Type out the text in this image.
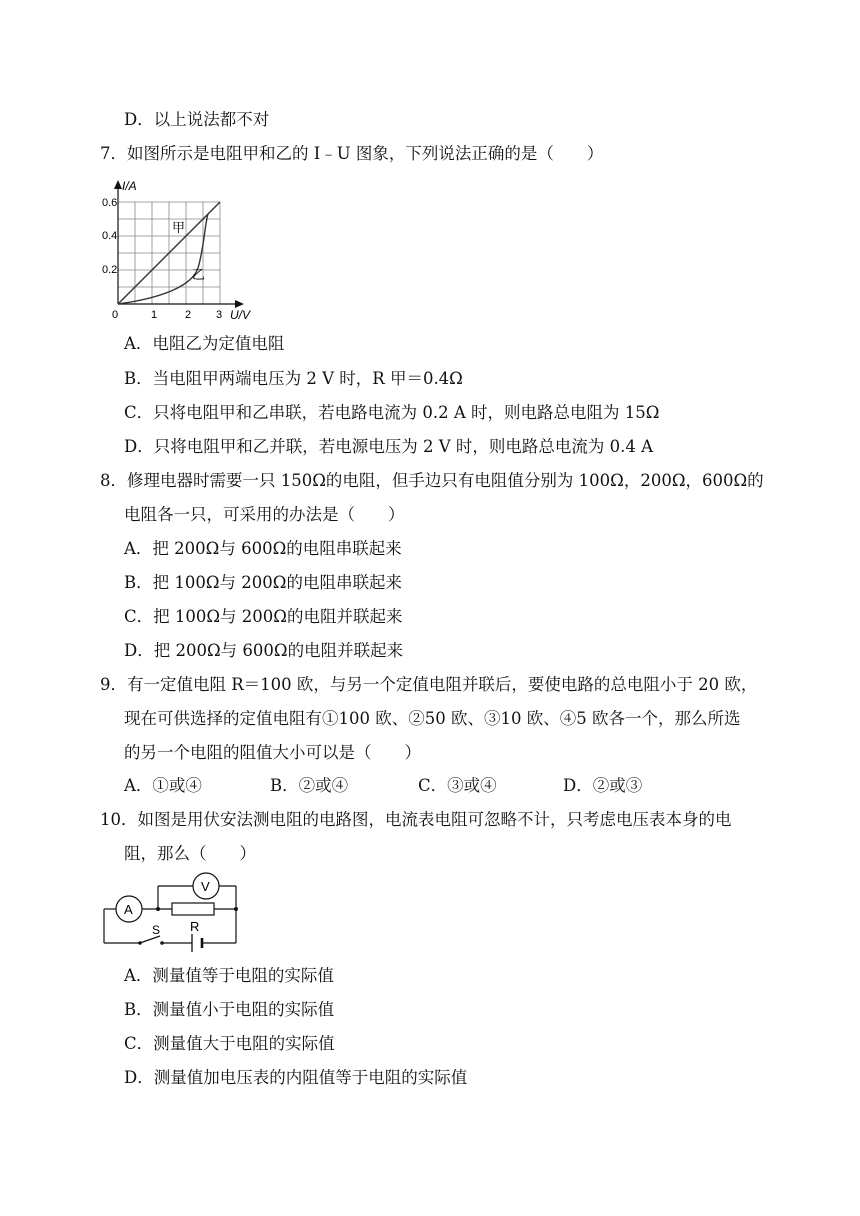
D．以上说法都不对
7．如图所示是电阻甲和乙的 I﹣U 图象，下列说法正确的是（　　）
I/A
U/V
0
0.2
0.4
0.6
1	2 3
甲
乙
A．电阻乙为定值电阻
B．当电阻甲两端电压为 2 V 时，R 甲＝0.4Ω
C．只将电阻甲和乙串联，若电路电流为 0.2 A 时，则电路总电阻为 15Ω
D．只将电阻甲和乙并联，若电源电压为 2 V 时，则电路总电流为 0.4 A
8．修理电器时需要一只 150Ω的电阻，但手边只有电阻值分别为 100Ω，200Ω，600Ω的
电阻各一只，可采用的办法是（　　）
A．把 200Ω与 600Ω的电阻串联起来
B．把 100Ω与 200Ω的电阻串联起来
C．把 100Ω与 200Ω的电阻并联起来
D．把 200Ω与 600Ω的电阻并联起来
9．有一定值电阻 R＝100 欧，与另一个定值电阻并联后，要使电路的总电阻小于 20 欧，
现在可供选择的定值电阻有①100 欧、②50 欧、③10 欧、④5 欧各一个，那么所选
的另一个电阻的阻值大小可以是（　　）
A．①或④	B．②或④	C．③或④	D．②或③
10．如图是用伏安法测电阻的电路图，电流表电阻可忽略不计，只考虑电压表本身的电
阻，那么（　　）
A
V
R
S
A．测量值等于电阻的实际值
B．测量值小于电阻的实际值
C．测量值大于电阻的实际值
D．测量值加电压表的内阻值等于电阻的实际值
